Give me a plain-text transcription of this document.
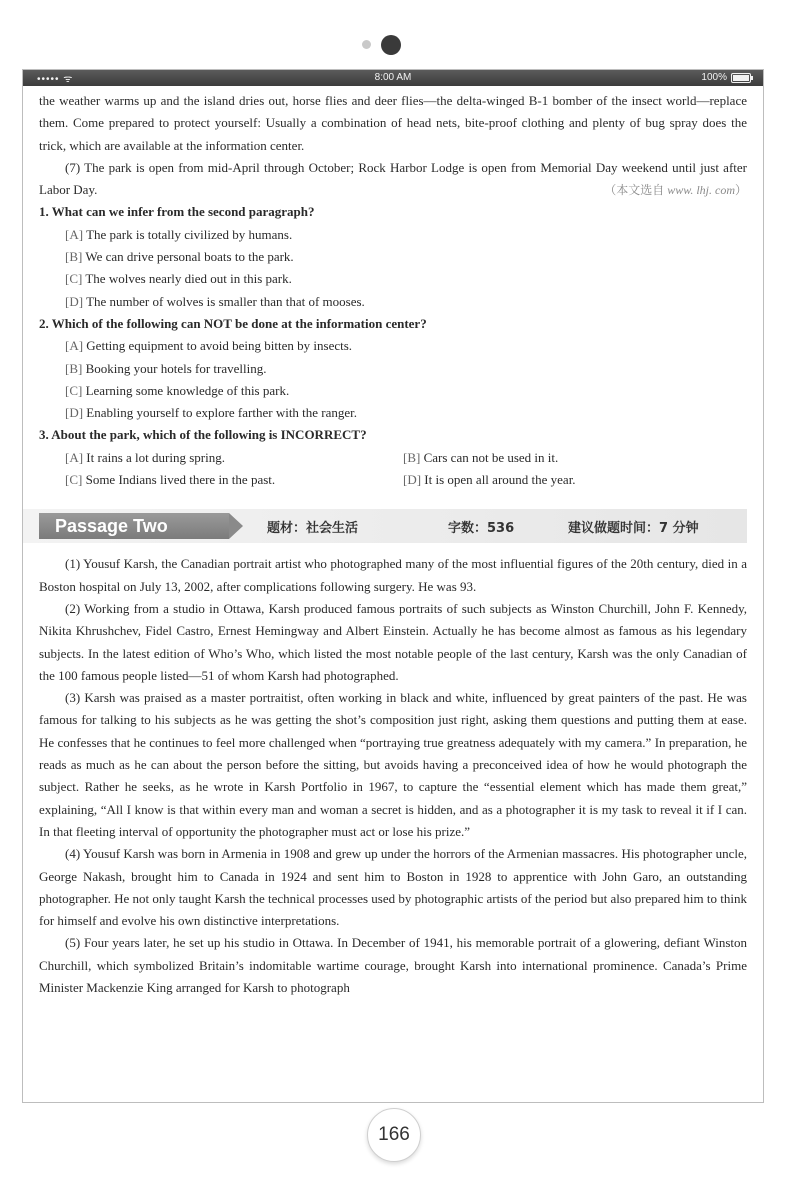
••••• ᯤ	8:00 AM	100%

the weather warms up and the island dries out, horse flies and deer flies—the delta-winged B-1 bomber of the insect world—replace them. Come prepared to protect yourself: Usually a combination of head nets, bite-proof clothing and plenty of bug spray does the trick, which are available at the information center.

(7) The park is open from mid-April through October; Rock Harbor Lodge is open from Memorial Day weekend until just after Labor Day.	（本文选自 www. lhj. com）

1. What can we infer from the second paragraph?

[A] The park is totally civilized by humans.

[B] We can drive personal boats to the park.

[C] The wolves nearly died out in this park.

[D] The number of wolves is smaller than that of mooses.

2. Which of the following can NOT be done at the information center?

[A] Getting equipment to avoid being bitten by insects.

[B] Booking your hotels for travelling.

[C] Learning some knowledge of this park.

[D] Enabling yourself to explore farther with the ranger.

3. About the park, which of the following is INCORRECT?

[A] It rains a lot during spring.	[B] Cars can not be used in it.
[C] Some Indians lived there in the past.	[D] It is open all around the year.
Passage Two	题材：社会生活	字数：536	建议做题时间：7 分钟

(1) Yousuf Karsh, the Canadian portrait artist who photographed many of the most influential figures of the 20th century, died in a Boston hospital on July 13, 2002, after complications following surgery. He was 93.

(2) Working from a studio in Ottawa, Karsh produced famous portraits of such subjects as Winston Churchill, John F. Kennedy, Nikita Khrushchev, Fidel Castro, Ernest Hemingway and Albert Einstein. Actually he has become almost as famous as his legendary subjects. In the latest edition of Who’s Who, which listed the most notable people of the last century, Karsh was the only Canadian of the 100 famous people listed—51 of whom Karsh had photographed.

(3) Karsh was praised as a master portraitist, often working in black and white, influenced by great painters of the past. He was famous for talking to his subjects as he was getting the shot’s composition just right, asking them questions and putting them at ease. He confesses that he continues to feel more challenged when “portraying true greatness adequately with my camera.” In preparation, he reads as much as he can about the person before the sitting, but avoids having a preconceived idea of how he would photograph the subject. Rather he seeks, as he wrote in Karsh Portfolio in 1967, to capture the “essential element which has made them great,” explaining, “All I know is that within every man and woman a secret is hidden, and as a photographer it is my task to reveal it if I can. In that fleeting interval of opportunity the photographer must act or lose his prize.”

(4) Yousuf Karsh was born in Armenia in 1908 and grew up under the horrors of the Armenian massacres. His photographer uncle, George Nakash, brought him to Canada in 1924 and sent him to Boston in 1928 to apprentice with John Garo, an outstanding photographer. He not only taught Karsh the technical processes used by photographic artists of the period but also prepared him to think for himself and evolve his own distinctive interpretations.

(5) Four years later, he set up his studio in Ottawa. In December of 1941, his memorable portrait of a glowering, defiant Winston Churchill, which symbolized Britain’s indomitable wartime courage, brought Karsh into international prominence. Canada’s Prime Minister Mackenzie King arranged for Karsh to photograph

166
